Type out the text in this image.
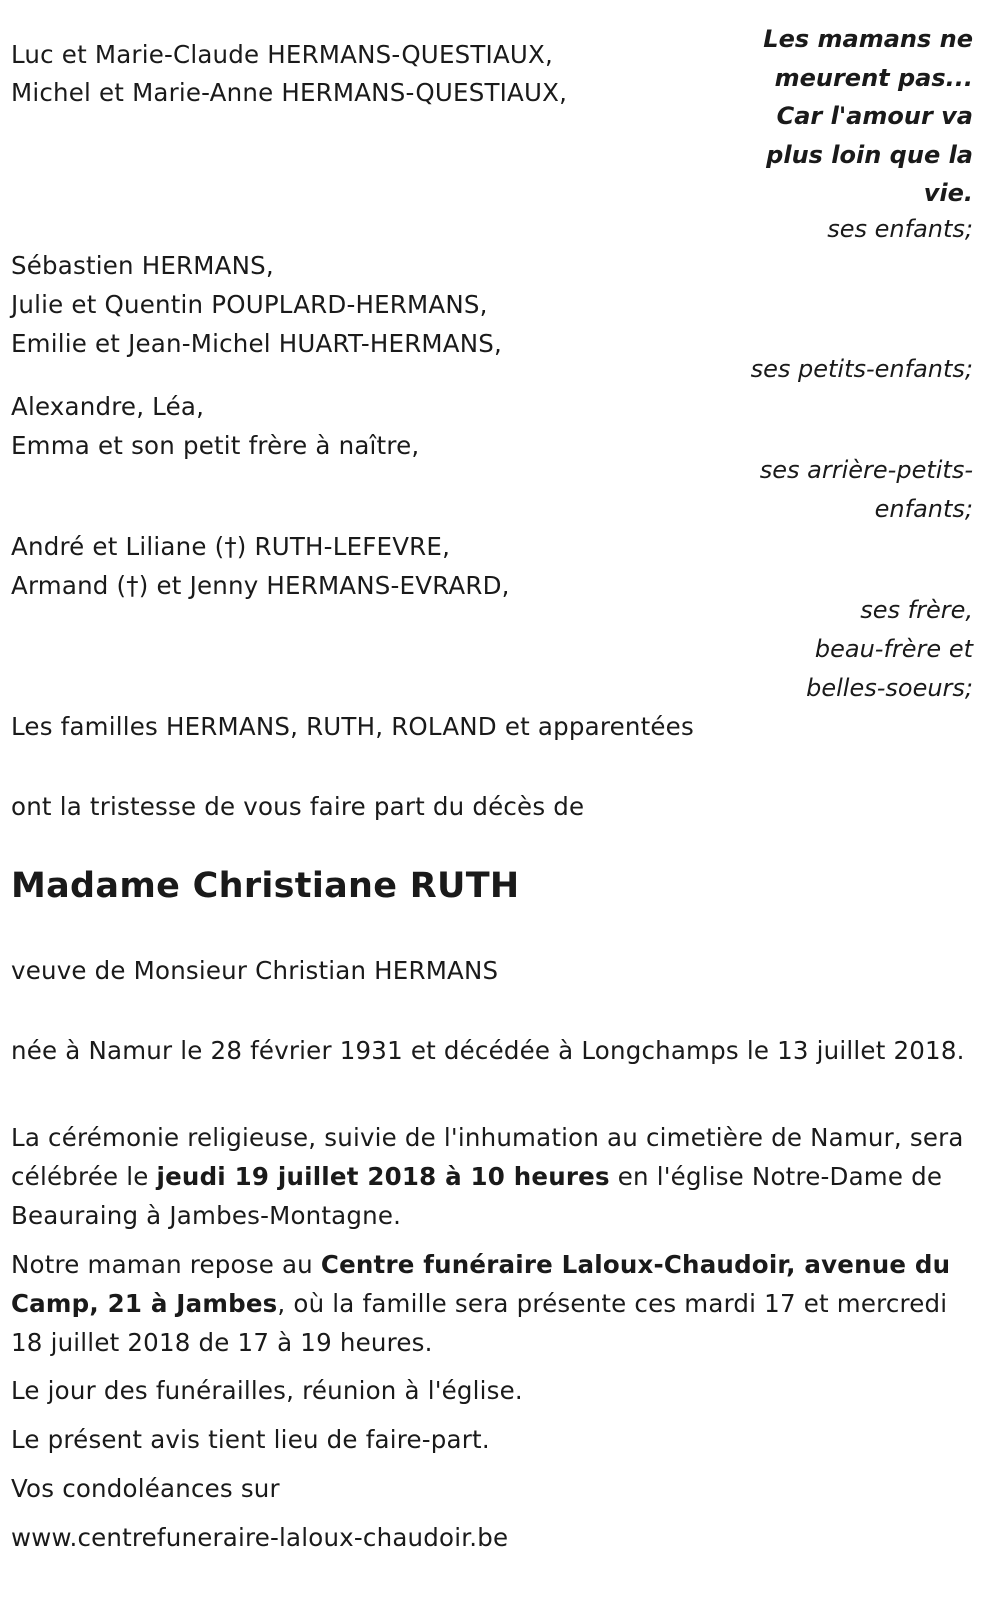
Les mamans ne meurent pas... Car l'amour va plus loin que la vie.
Luc et Marie-Claude HERMANS-QUESTIAUX,
Michel et Marie-Anne HERMANS-QUESTIAUX,
ses enfants;
Sébastien HERMANS,
Julie et Quentin POUPLARD-HERMANS,
Emilie et Jean-Michel HUART-HERMANS,
ses petits-enfants;
Alexandre, Léa,
Emma et son petit frère à naître,
ses arrière-petits-
enfants;
André et Liliane (†) RUTH-LEFEVRE,
Armand (†) et Jenny HERMANS-EVRARD,
ses frère,
beau-frère et
belles-soeurs;
Les familles HERMANS, RUTH, ROLAND et apparentées
ont la tristesse de vous faire part du décès de
Madame Christiane RUTH
veuve de Monsieur Christian HERMANS
née à Namur le 28 février 1931 et décédée à Longchamps le 13 juillet 2018.
La cérémonie religieuse, suivie de l'inhumation au cimetière de Namur, sera célébrée le jeudi 19 juillet 2018 à 10 heures en l'église Notre-Dame de Beauraing à Jambes-Montagne.
Notre maman repose au Centre funéraire Laloux-Chaudoir, avenue du Camp, 21 à Jambes, où la famille sera présente ces mardi 17 et mercredi 18 juillet 2018 de 17 à 19 heures.
Le jour des funérailles, réunion à l'église.
Le présent avis tient lieu de faire-part.
Vos condoléances sur
www.centrefuneraire-laloux-chaudoir.be
